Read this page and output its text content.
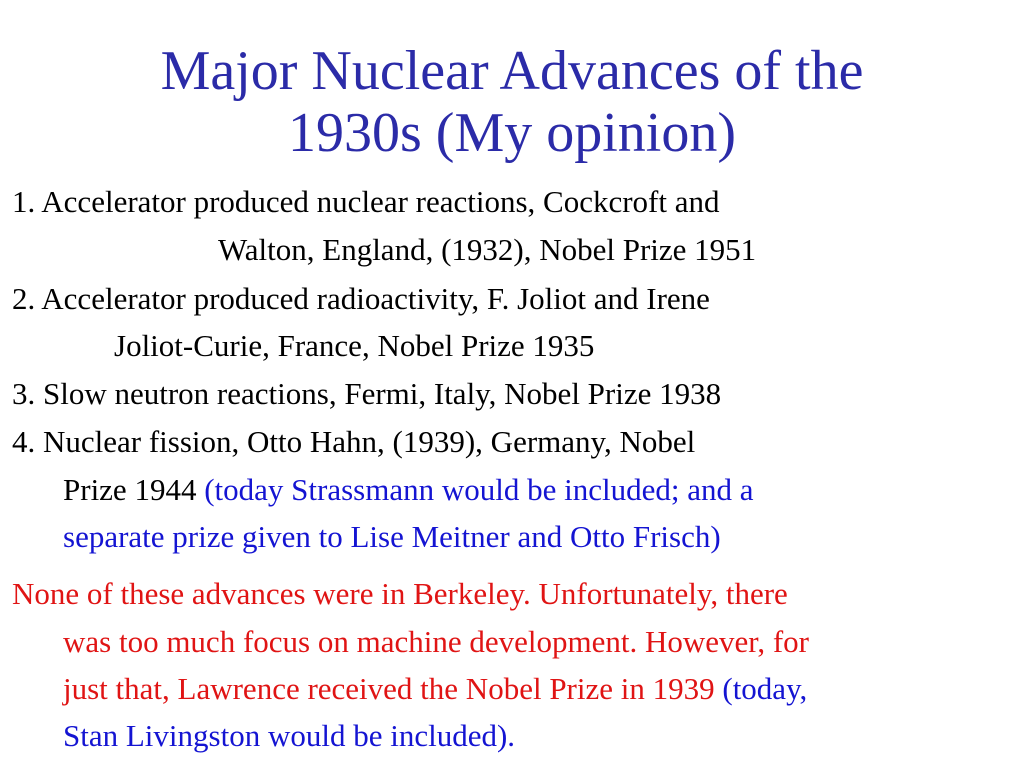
Major Nuclear Advances of the
1930s (My opinion)
1. Accelerator produced nuclear reactions, Cockcroft and
Walton, England, (1932), Nobel Prize 1951
2. Accelerator produced radioactivity, F. Joliot and Irene
Joliot-Curie, France, Nobel Prize 1935
3. Slow neutron reactions, Fermi, Italy, Nobel Prize 1938
4. Nuclear fission, Otto Hahn, (1939), Germany, Nobel
Prize 1944 (today Strassmann would be included; and a
separate prize given to Lise Meitner and Otto Frisch)
None of these advances were in Berkeley. Unfortunately, there
was too much focus on machine development. However, for
just that, Lawrence received the Nobel Prize in 1939 (today,
Stan Livingston would be included).
